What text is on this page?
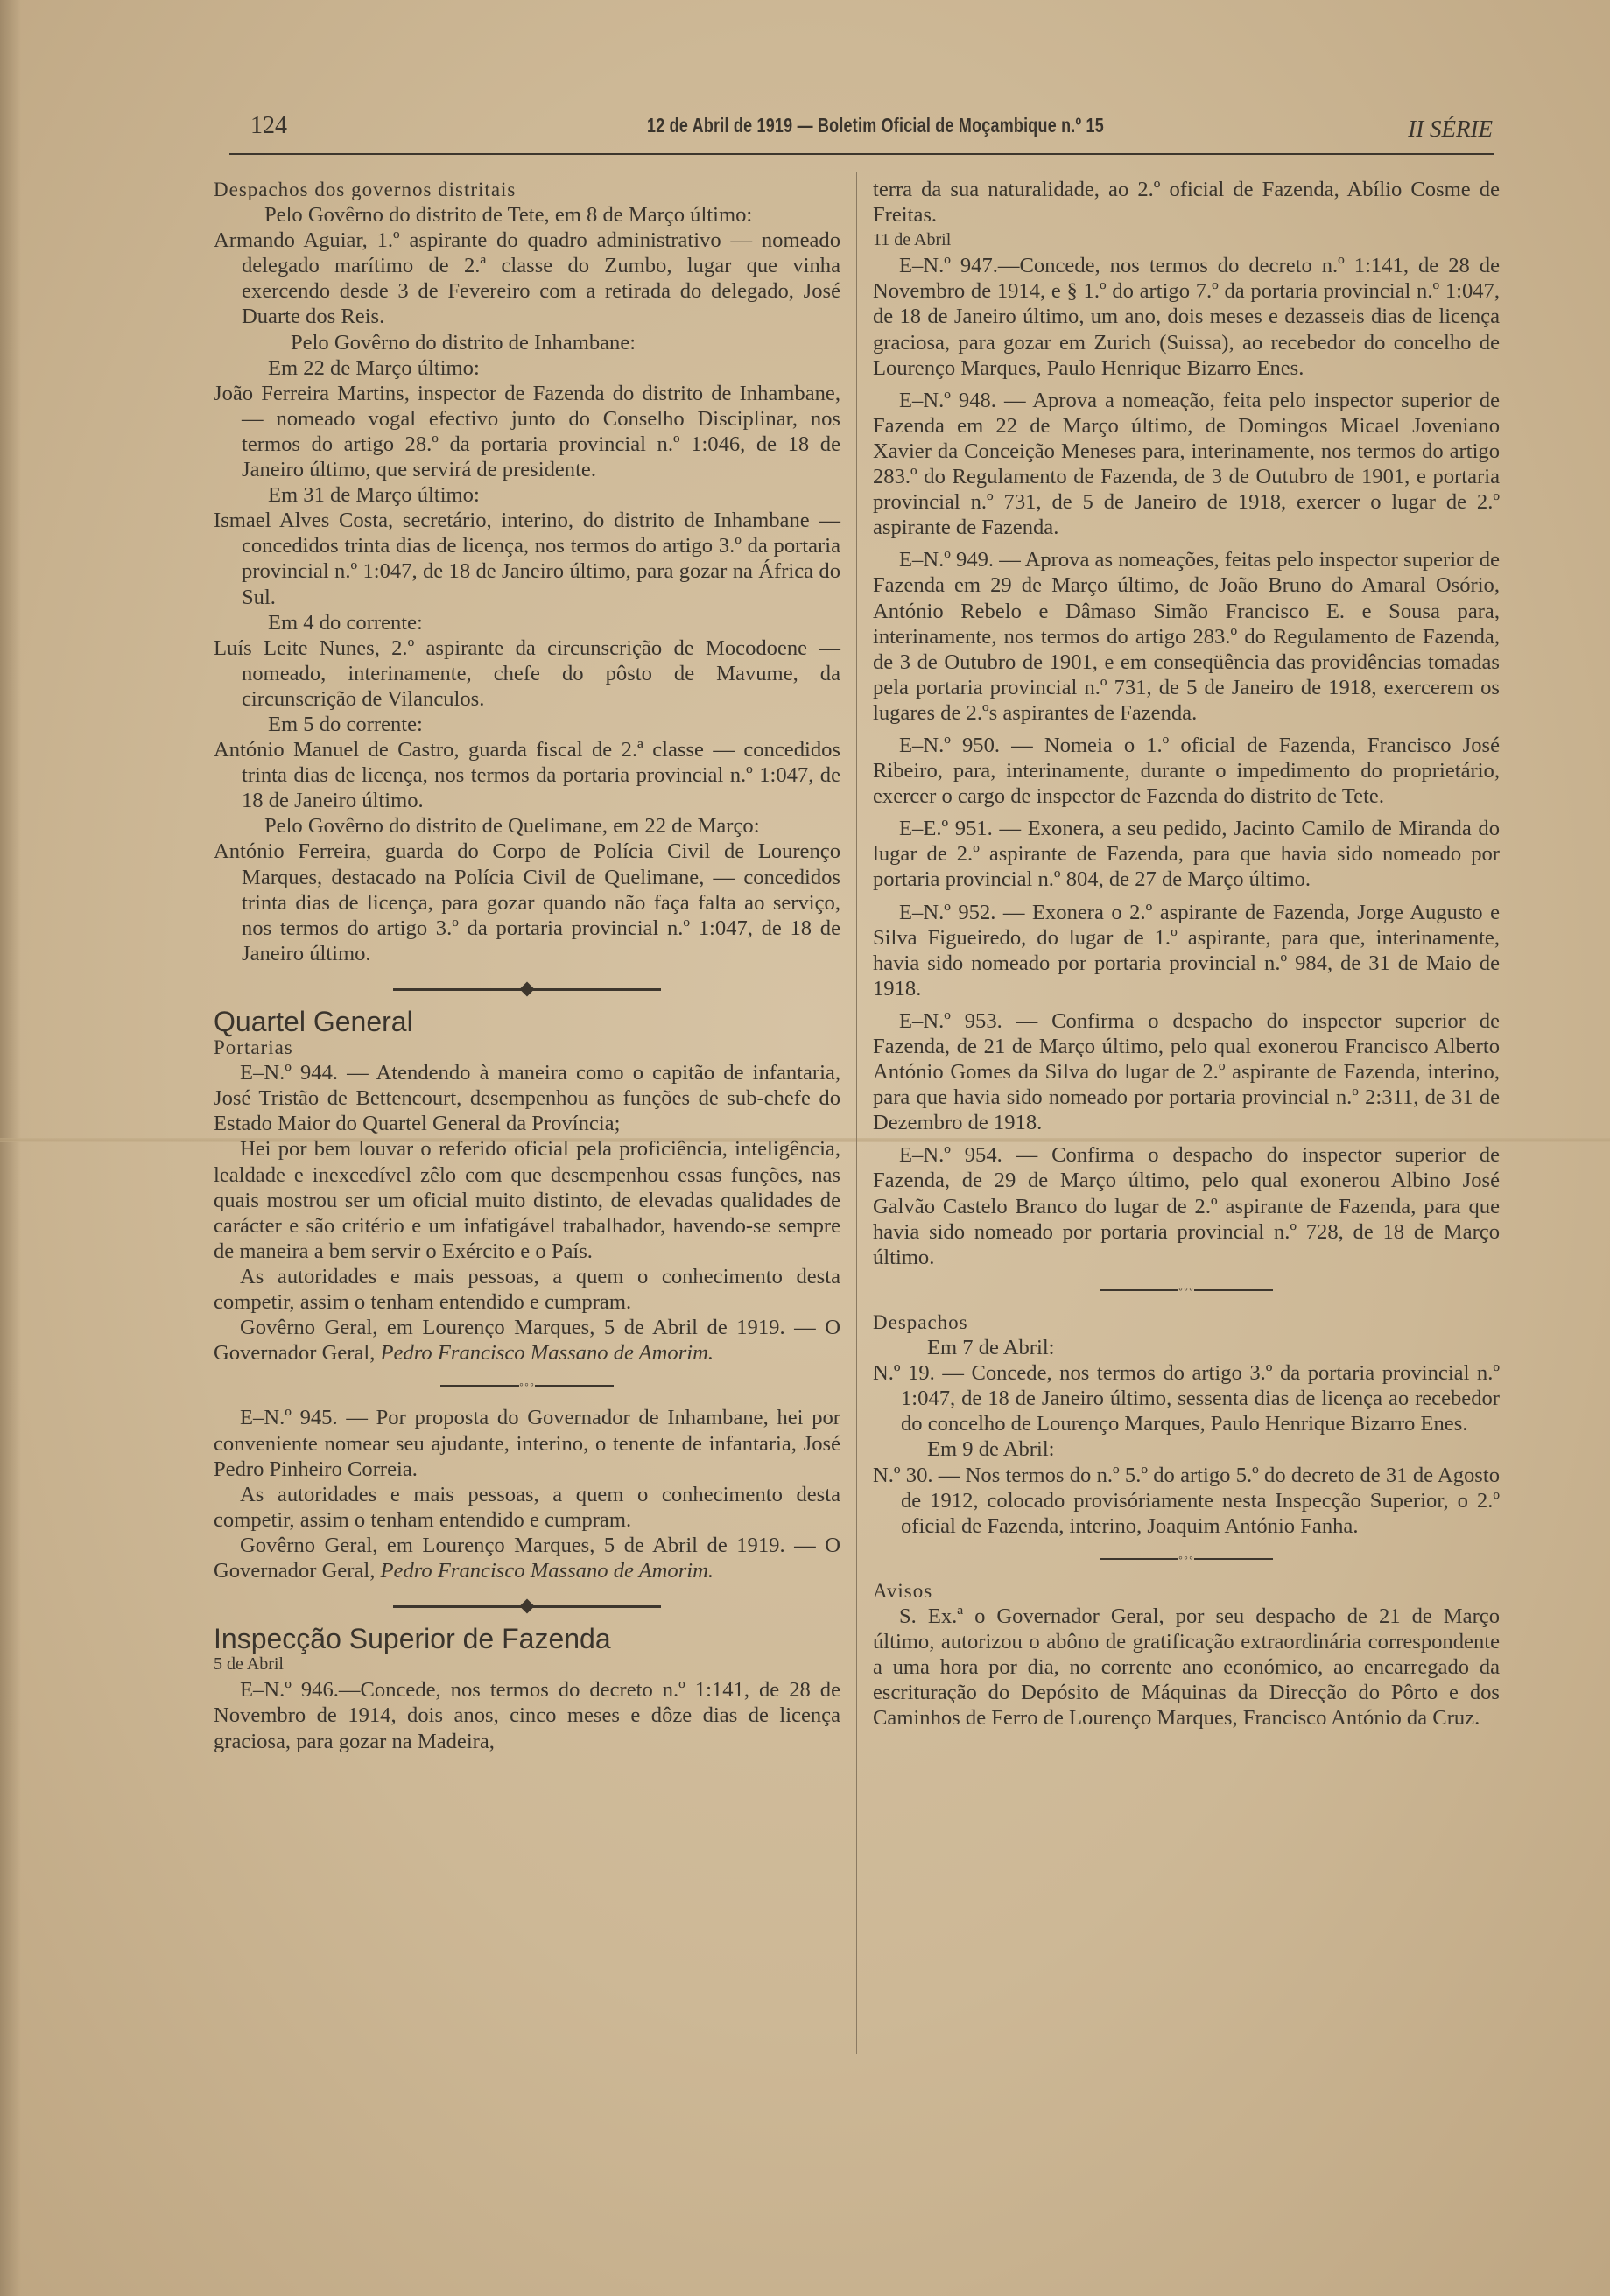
124	12 de Abril de 1919 — Boletim Oficial de Moçambique n.º 15	II SÉRIE

Despachos dos governos distritais

Pelo Govêrno do distrito de Tete, em 8 de Março último:

Armando Aguiar, 1.º aspirante do quadro administrativo — nomeado delegado marítimo de 2.ª classe do Zumbo, lugar que vinha exercendo desde 3 de Fevereiro com a retirada do delegado, José Duarte dos Reis.

Pelo Govêrno do distrito de Inhambane:

Em 22 de Março último:

João Ferreira Martins, inspector de Fazenda do distrito de Inhambane, — nomeado vogal efectivo junto do Conselho Disciplinar, nos termos do artigo 28.º da portaria provincial n.º 1:046, de 18 de Janeiro último, que servirá de presidente.

Em 31 de Março último:

Ismael Alves Costa, secretário, interino, do distrito de Inhambane — concedidos trinta dias de licença, nos termos do artigo 3.º da portaria provincial n.º 1:047, de 18 de Janeiro último, para gozar na África do Sul.

Em 4 do corrente:

Luís Leite Nunes, 2.º aspirante da circunscrição de Mocodoene — nomeado, interinamente, chefe do pôsto de Mavume, da circunscrição de Vilanculos.

Em 5 do corrente:

António Manuel de Castro, guarda fiscal de 2.ª classe — concedidos trinta dias de licença, nos termos da portaria provincial n.º 1:047, de 18 de Janeiro último.

Pelo Govêrno do distrito de Quelimane, em 22 de Março:

António Ferreira, guarda do Corpo de Polícia Civil de Lourenço Marques, destacado na Polícia Civil de Quelimane, — concedidos trinta dias de licença, para gozar quando não faça falta ao serviço, nos termos do artigo 3.º da portaria provincial n.º 1:047, de 18 de Janeiro último.

Quartel General

Portarias

E–N.º 944. — Atendendo à maneira como o capitão de infantaria, José Tristão de Bettencourt, desempenhou as funções de sub-chefe do Estado Maior do Quartel General da Província;

Hei por bem louvar o referido oficial pela proficiência, inteligência, lealdade e inexcedível zêlo com que desempenhou essas funções, nas quais mostrou ser um oficial muito distinto, de elevadas qualidades de carácter e são critério e um infatigável trabalhador, havendo-se sempre de maneira a bem servir o Exército e o País.

As autoridades e mais pessoas, a quem o conhecimento desta competir, assim o tenham entendido e cumpram.

Govêrno Geral, em Lourenço Marques, 5 de Abril de 1919. — O Governador Geral, Pedro Francisco Massano de Amorim.

◦◦◦

E–N.º 945. — Por proposta do Governador de Inhambane, hei por conveniente nomear seu ajudante, interino, o tenente de infantaria, José Pedro Pinheiro Correia.

As autoridades e mais pessoas, a quem o conhecimento desta competir, assim o tenham entendido e cumpram.

Govêrno Geral, em Lourenço Marques, 5 de Abril de 1919. — O Governador Geral, Pedro Francisco Massano de Amorim.

Inspecção Superior de Fazenda

5 de Abril

E–N.º 946.—Concede, nos termos do decreto n.º 1:141, de 28 de Novembro de 1914, dois anos, cinco meses e dôze dias de licença graciosa, para gozar na Madeira,

terra da sua naturalidade, ao 2.º oficial de Fazenda, Abílio Cosme de Freitas.

11 de Abril

E–N.º 947.—Concede, nos termos do decreto n.º 1:141, de 28 de Novembro de 1914, e § 1.º do artigo 7.º da portaria provincial n.º 1:047, de 18 de Janeiro último, um ano, dois meses e dezasseis dias de licença graciosa, para gozar em Zurich (Suissa), ao recebedor do concelho de Lourenço Marques, Paulo Henrique Bizarro Enes.

E–N.º 948. — Aprova a nomeação, feita pelo inspector superior de Fazenda em 22 de Março último, de Domingos Micael Joveniano Xavier da Conceição Meneses para, interinamente, nos termos do artigo 283.º do Regulamento de Fazenda, de 3 de Outubro de 1901, e portaria provincial n.º 731, de 5 de Janeiro de 1918, exercer o lugar de 2.º aspirante de Fazenda.

E–N.º 949. — Aprova as nomeações, feitas pelo inspector superior de Fazenda em 29 de Março último, de João Bruno do Amaral Osório, António Rebelo e Dâmaso Simão Francisco E. e Sousa para, interinamente, nos termos do artigo 283.º do Regulamento de Fazenda, de 3 de Outubro de 1901, e em conseqüência das providências tomadas pela portaria provincial n.º 731, de 5 de Janeiro de 1918, exercerem os lugares de 2.ºs aspirantes de Fazenda.

E–N.º 950. — Nomeia o 1.º oficial de Fazenda, Francisco José Ribeiro, para, interinamente, durante o impedimento do proprietário, exercer o cargo de inspector de Fazenda do distrito de Tete.

E–E.º 951. — Exonera, a seu pedido, Jacinto Camilo de Miranda do lugar de 2.º aspirante de Fazenda, para que havia sido nomeado por portaria provincial n.º 804, de 27 de Março último.

E–N.º 952. — Exonera o 2.º aspirante de Fazenda, Jorge Augusto e Silva Figueiredo, do lugar de 1.º aspirante, para que, interinamente, havia sido nomeado por portaria provincial n.º 984, de 31 de Maio de 1918.

E–N.º 953. — Confirma o despacho do inspector superior de Fazenda, de 21 de Março último, pelo qual exonerou Francisco Alberto António Gomes da Silva do lugar de 2.º aspirante de Fazenda, interino, para que havia sido nomeado por portaria provincial n.º 2:311, de 31 de Dezembro de 1918.

E–N.º 954. — Confirma o despacho do inspector superior de Fazenda, de 29 de Março último, pelo qual exonerou Albino José Galvão Castelo Branco do lugar de 2.º aspirante de Fazenda, para que havia sido nomeado por portaria provincial n.º 728, de 18 de Março último.

◦◦◦

Despachos

Em 7 de Abril:

N.º 19. — Concede, nos termos do artigo 3.º da portaria provincial n.º 1:047, de 18 de Janeiro último, sessenta dias de licença ao recebedor do concelho de Lourenço Marques, Paulo Henrique Bizarro Enes.

Em 9 de Abril:

N.º 30. — Nos termos do n.º 5.º do artigo 5.º do decreto de 31 de Agosto de 1912, colocado provisóriamente nesta Inspecção Superior, o 2.º oficial de Fazenda, interino, Joaquim António Fanha.

◦◦◦

Avisos

S. Ex.ª o Governador Geral, por seu despacho de 21 de Março último, autorizou o abôno de gratificação extraordinária correspondente a uma hora por dia, no corrente ano económico, ao encarregado da escrituração do Depósito de Máquinas da Direcção do Pôrto e dos Caminhos de Ferro de Lourenço Marques, Francisco António da Cruz.
